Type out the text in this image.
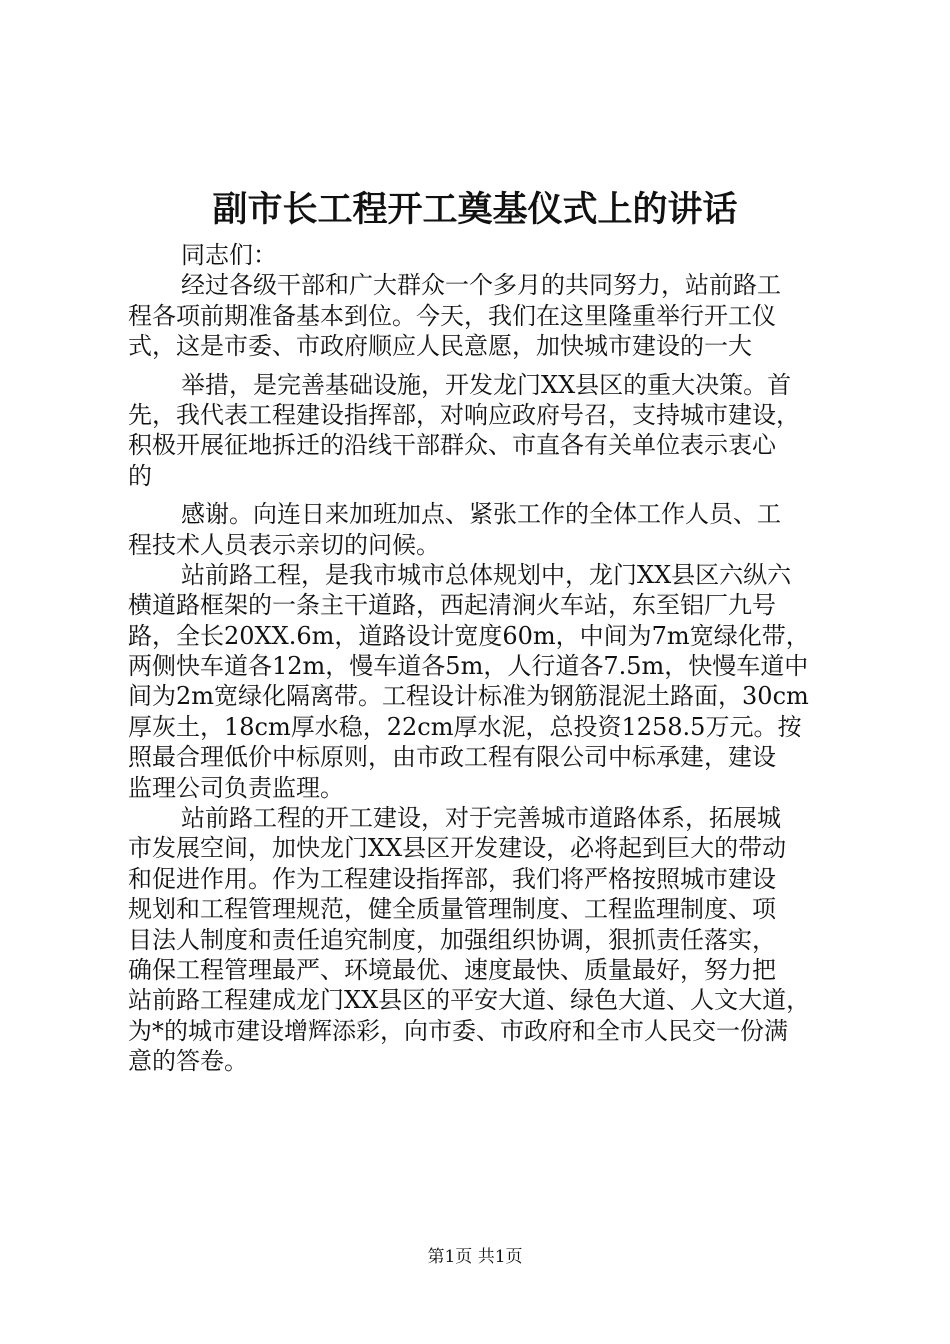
副市长工程开工奠基仪式上的讲话
同志们：
经过各级干部和广大群众一个多月的共同努力，站前路工
程各项前期准备基本到位。今天，我们在这里隆重举行开工仪
式，这是市委、市政府顺应人民意愿，加快城市建设的一大
举措，是完善基础设施，开发龙门XX县区的重大决策。首
先，我代表工程建设指挥部，对响应政府号召，支持城市建设，
积极开展征地拆迁的沿线干部群众、市直各有关单位表示衷心
的
感谢。向连日来加班加点、紧张工作的全体工作人员、工
程技术人员表示亲切的问候。
站前路工程，是我市城市总体规划中，龙门XX县区六纵六
横道路框架的一条主干道路，西起清涧火车站，东至铝厂九号
路，全长20XX.6m，道路设计宽度60m，中间为7m宽绿化带，
两侧快车道各12m，慢车道各5m，人行道各7.5m，快慢车道中
间为2m宽绿化隔离带。工程设计标准为钢筋混泥土路面，30cm
厚灰土，18cm厚水稳，22cm厚水泥，总投资1258.5万元。按
照最合理低价中标原则，由市政工程有限公司中标承建，建设
监理公司负责监理。
站前路工程的开工建设，对于完善城市道路体系，拓展城
市发展空间，加快龙门XX县区开发建设，必将起到巨大的带动
和促进作用。作为工程建设指挥部，我们将严格按照城市建设
规划和工程管理规范，健全质量管理制度、工程监理制度、项
目法人制度和责任追究制度，加强组织协调，狠抓责任落实，
确保工程管理最严、环境最优、速度最快、质量最好，努力把
站前路工程建成龙门XX县区的平安大道、绿色大道、人文大道，
为*的城市建设增辉添彩，向市委、市政府和全市人民交一份满
意的答卷。
第1页 共1页
